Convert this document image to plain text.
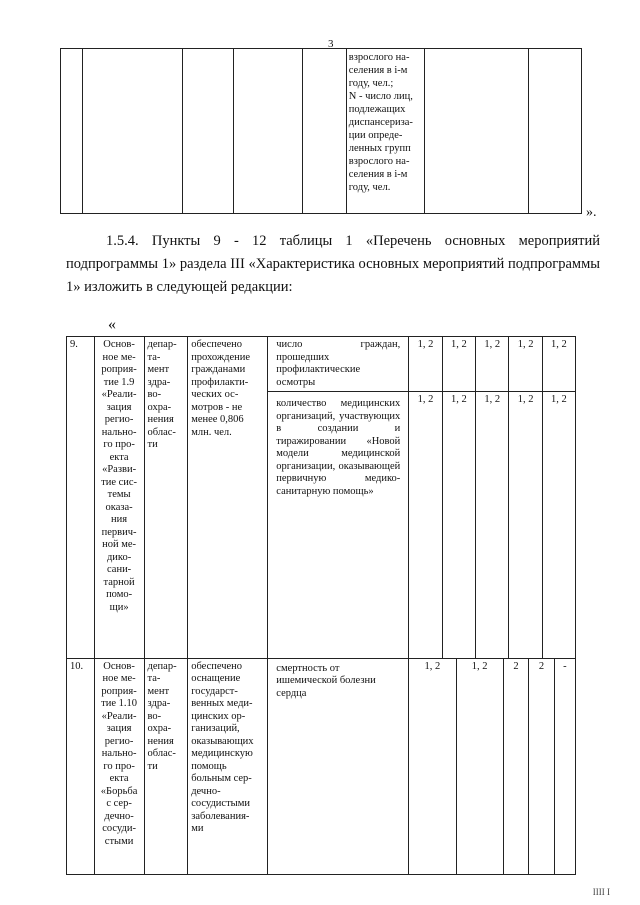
3

взрослого на-
селения в i-м
году, чел.;
N - число лиц,
подлежащих
диспансериза-
ции опреде-
ленных групп
взрослого на-
селения в i-м
году, чел.

».
1.5.4. Пункты 9 - 12 таблицы 1 «Перечень основных мероприятий подпрограммы 1» раздела III «Характеристика основных мероприятий подпрограммы 1» изложить в следующей редакции:
«
9.	Основ-
ное ме-
роприя-
тие 1.9
«Реали-
зация
регио-
нально-
го про-
екта
«Разви-
тие сис-
темы
оказа-
ния
первич-
ной ме-
дико-
сани-
тарной
помо-
щи»

депар-
та-
мент
здра-
во-
охра-
нения
облас-
ти

обеспечено
прохождение
гражданами
профилакти-
ческих ос-
мотров - не
менее 0,806
млн. чел.

число граждан, прошедших профилактические осмотры	1, 2	1, 2	1, 2	1, 2	1, 2
количество медицинских организаций, участвующих в создании и тиражировании «Новой модели медицинской организации, оказывающей первичную медико-санитарную помощь»	1, 2	1, 2	1, 2	1, 2	1, 2

10.	Основ-
ное ме-
роприя-
тие 1.10
«Реали-
зация
регио-
нально-
го про-
екта
«Борьба
с сер-
дечно-
сосуди-
стыми

депар-
та-
мент
здра-
во-
охра-
нения
облас-
ти

обеспечено
оснащение
государст-
венных меди-
цинских ор-
ганизаций,
оказывающих
медицинскую
помощь
больным сер-
дечно-
сосудистыми
заболевания-
ми

смертность от ишемической болезни сердца	1, 2	1, 2	2	2	-
IIII I
